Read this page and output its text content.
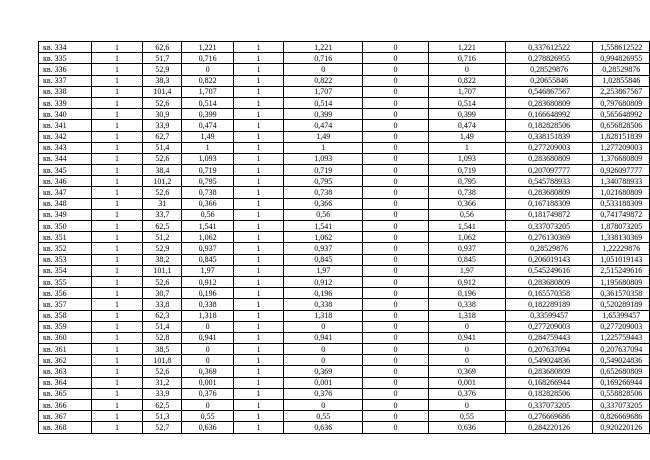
кв. 334	1	62,6	1,221	1	1,221	0	1,221	0,337612522	1,558612522
кв. 335	1	51,7	0,716	1	0,716	0	0,716	0,278826955	0,994826955
кв. 336	1	52,9	0	1	0	0	0	0,28529876	0,28529876
кв. 337	1	38,3	0,822	1	0,822	0	0,822	0,20655846	1,02855846
кв. 338	1	101,4	1,707	1	1,707	0	1,707	0,546867567	2,253867567
кв. 339	1	52,6	0,514	1	0,514	0	0,514	0,283680809	0,797680809
кв. 340	1	30,9	0,399	1	0,399	0	0,399	0,166648992	0,565648992
кв. 341	1	33,9	0,474	1	0,474	0	0,474	0,182828506	0,656828506
кв. 342	1	62,7	1,49	1	1,49	0	1,49	0,338151839	1,828151839
кв. 343	1	51,4	1	1	1	0	1	0,277209003	1,277209003
кв. 344	1	52,6	1,093	1	1,093	0	1,093	0,283680809	1,376680809
кв. 345	1	38,4	0,719	1	0,719	0	0,719	0,207097777	0,926097777
кв. 346	1	101,2	0,795	1	0,795	0	0,795	0,545788933	1,340788933
кв. 347	1	52,6	0,738	1	0,738	0	0,738	0,283680809	1,021680809
кв. 348	1	31	0,366	1	0,366	0	0,366	0,167188309	0,533188309
кв. 349	1	33,7	0,56	1	0,56	0	0,56	0,181749872	0,741749872
кв. 350	1	62,5	1,541	1	1,541	0	1,541	0,337073205	1,878073205
кв. 351	1	51,2	1,062	1	1,062	0	1,062	0,276130369	1,338130369
кв. 352	1	52,9	0,937	1	0,937	0	0,937	0,28529876	1,22229876
кв. 353	1	38,2	0,845	1	0,845	0	0,845	0,206019143	1,051019143
кв. 354	1	101,1	1,97	1	1,97	0	1,97	0,545249616	2,515249616
кв. 355	1	52,6	0,912	1	0,912	0	0,912	0,283680809	1,195680809
кв. 356	1	30,7	0,196	1	0,196	0	0,196	0,165570358	0,361570358
кв. 357	1	33,8	0,338	1	0,338	0	0,338	0,182289189	0,520289189
кв. 358	1	62,3	1,318	1	1,318	0	1,318	0,33599457	1,65399457
кв. 359	1	51,4	0	1	0	0	0	0,277209003	0,277209003
кв. 360	1	52,8	0,941	1	0,941	0	0,941	0,284759443	1,225759443
кв. 361	1	38,5	0	1	0	0	0	0,207637094	0,207637094
кв. 362	1	101,8	0	1	0	0	0	0,549024836	0,549024836
кв. 363	1	52,6	0,369	1	0,369	0	0,369	0,283680809	0,652680809
кв. 364	1	31,2	0,001	1	0,001	0	0,001	0,168266944	0,169266944
кв. 365	1	33,9	0,376	1	0,376	0	0,376	0,182828506	0,558828506
кв. 366	1	62,5	0	1	0	0	0	0,337073205	0,337073205
кв. 367	1	51,3	0,55	1	0,55	0	0,55	0,276669686	0,826669686
кв. 368	1	52,7	0,636	1	0,636	0	0,636	0,284220126	0,920220126
